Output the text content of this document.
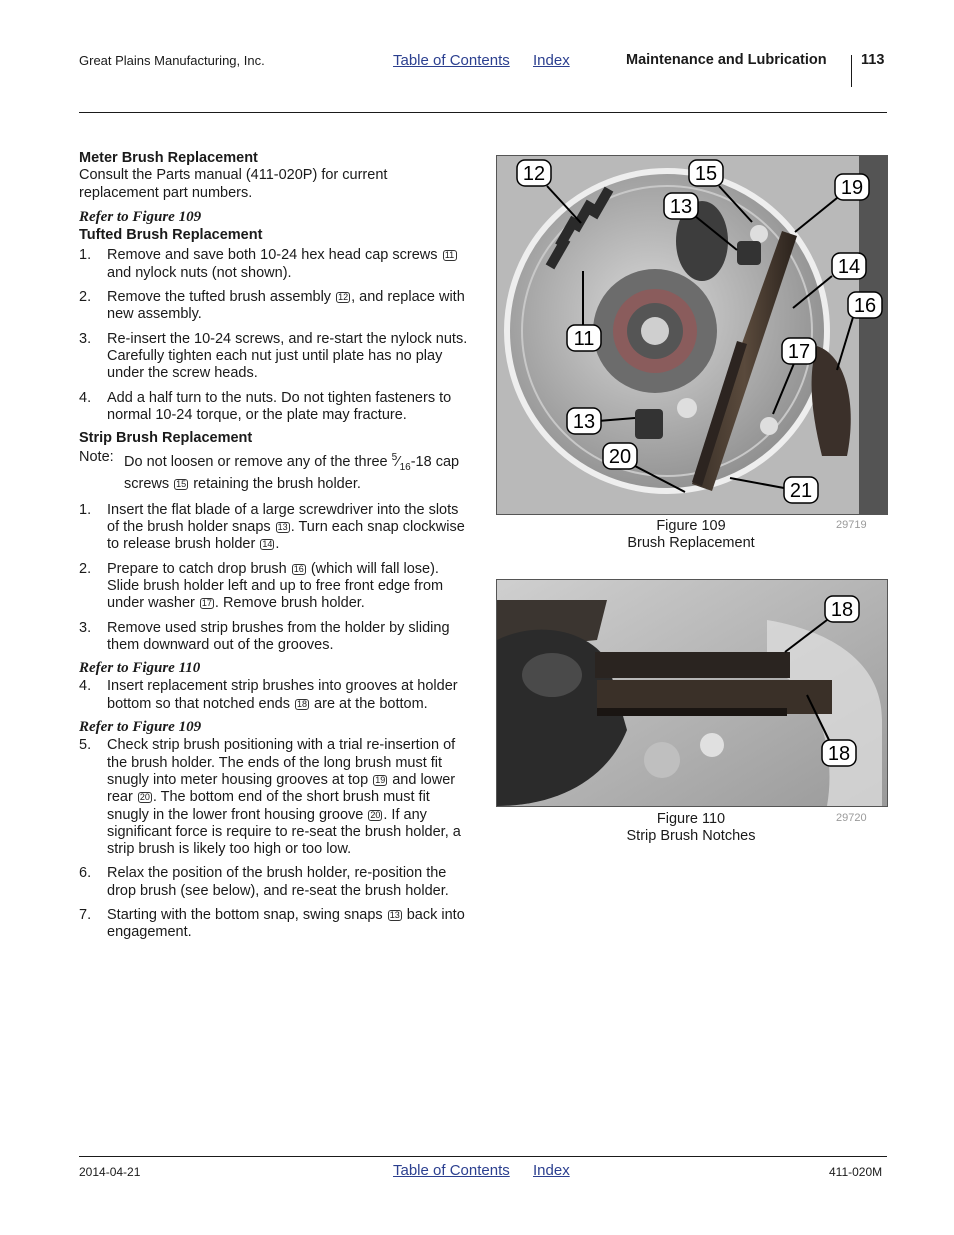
Great Plains Manufacturing, Inc.	Table of Contents Index	Maintenance and Lubrication 113
Meter Brush Replacement

Consult the Parts manual (411-020P) for current replacement part numbers.

Refer to Figure 109
Tufted Brush Replacement
1.	Remove and save both 10-24 hex head cap screws 11 and nylock nuts (not shown).
2.	Remove the tufted brush assembly 12 , and replace with new assembly.
3.	Re-insert the 10-24 screws, and re-start the nylock nuts. Carefully tighten each nut just until plate has no play under the screw heads.
4.	Add a half turn to the nuts. Do not tighten fasteners to normal 10-24 torque, or the plate may fracture.
Strip Brush Replacement
Note: Do not loosen or remove any of the three $^5⁄_{16}-18$ cap screws 15 retaining the brush holder.
1.	Insert the flat blade of a large screwdriver into the slots of the brush holder snaps 13 . Turn each snap clockwise to release brush holder 14 .
2.	Prepare to catch drop brush 16 (which will fall lose). Slide brush holder left and up to free front edge from under washer 17 . Remove brush holder.
3.	Remove used strip brushes from the holder by sliding them downward out of the grooves.
Refer to Figure 110
4.	Insert replacement strip brushes into grooves at holder bottom so that notched ends 18 are at the bottom.
Refer to Figure 109
5.	Check strip brush positioning with a trial re-insertion of the brush holder. The ends of the long brush must fit snugly into meter housing grooves at top 19 and lower rear 20 . The bottom end of the short brush must fit snugly in the lower front housing groove 20 . If any significant force is require to re-seat the brush holder, a strip brush is likely too high or too low.
6.	Relax the position of the brush holder, re-position the drop brush (see below), and re-seat the brush holder.
7.	Starting with the bottom snap, swing snaps 13 back into engagement.
12	15
19
13
14
16
11
17
13
20
21
Figure 109
Brush Replacement
29719
18
18
Figure 110
Strip Brush Notches
29720
2014-04-21	Table of Contents Index	411-020M
